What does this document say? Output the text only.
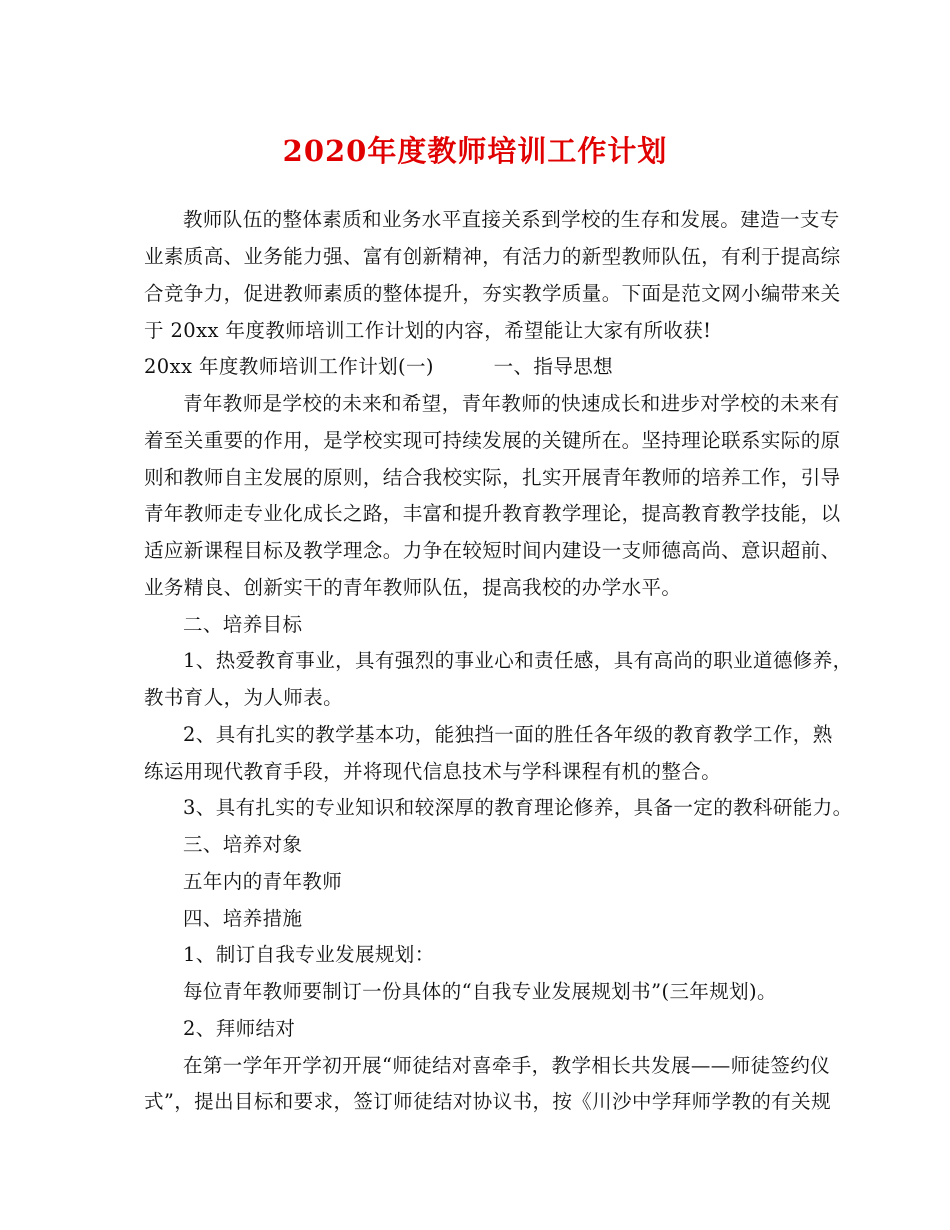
2020年度教师培训工作计划
教师队伍的整体素质和业务水平直接关系到学校的生存和发展。建造一支专
业素质高、业务能力强、富有创新精神，有活力的新型教师队伍，有利于提高综
合竞争力，促进教师素质的整体提升，夯实教学质量。下面是范文网小编带来关
于 20xx 年度教师培训工作计划的内容，希望能让大家有所收获!
20xx 年度教师培训工作计划(一)　　　一、指导思想
青年教师是学校的未来和希望，青年教师的快速成长和进步对学校的未来有
着至关重要的作用，是学校实现可持续发展的关键所在。坚持理论联系实际的原
则和教师自主发展的原则，结合我校实际，扎实开展青年教师的培养工作，引导
青年教师走专业化成长之路，丰富和提升教育教学理论，提高教育教学技能，以
适应新课程目标及教学理念。力争在较短时间内建设一支师德高尚、意识超前、
业务精良、创新实干的青年教师队伍，提高我校的办学水平。
二、培养目标
1、热爱教育事业，具有强烈的事业心和责任感，具有高尚的职业道德修养，
教书育人，为人师表。
2、具有扎实的教学基本功，能独挡一面的胜任各年级的教育教学工作，熟
练运用现代教育手段，并将现代信息技术与学科课程有机的整合。
3、具有扎实的专业知识和较深厚的教育理论修养，具备一定的教科研能力。
三、培养对象
五年内的青年教师
四、培养措施
1、制订自我专业发展规划：
每位青年教师要制订一份具体的“自我专业发展规划书”(三年规划)。
2、拜师结对
在第一学年开学初开展“师徒结对喜牵手，教学相长共发展——师徒签约仪
式”，提出目标和要求，签订师徒结对协议书，按《川沙中学拜师学教的有关规
